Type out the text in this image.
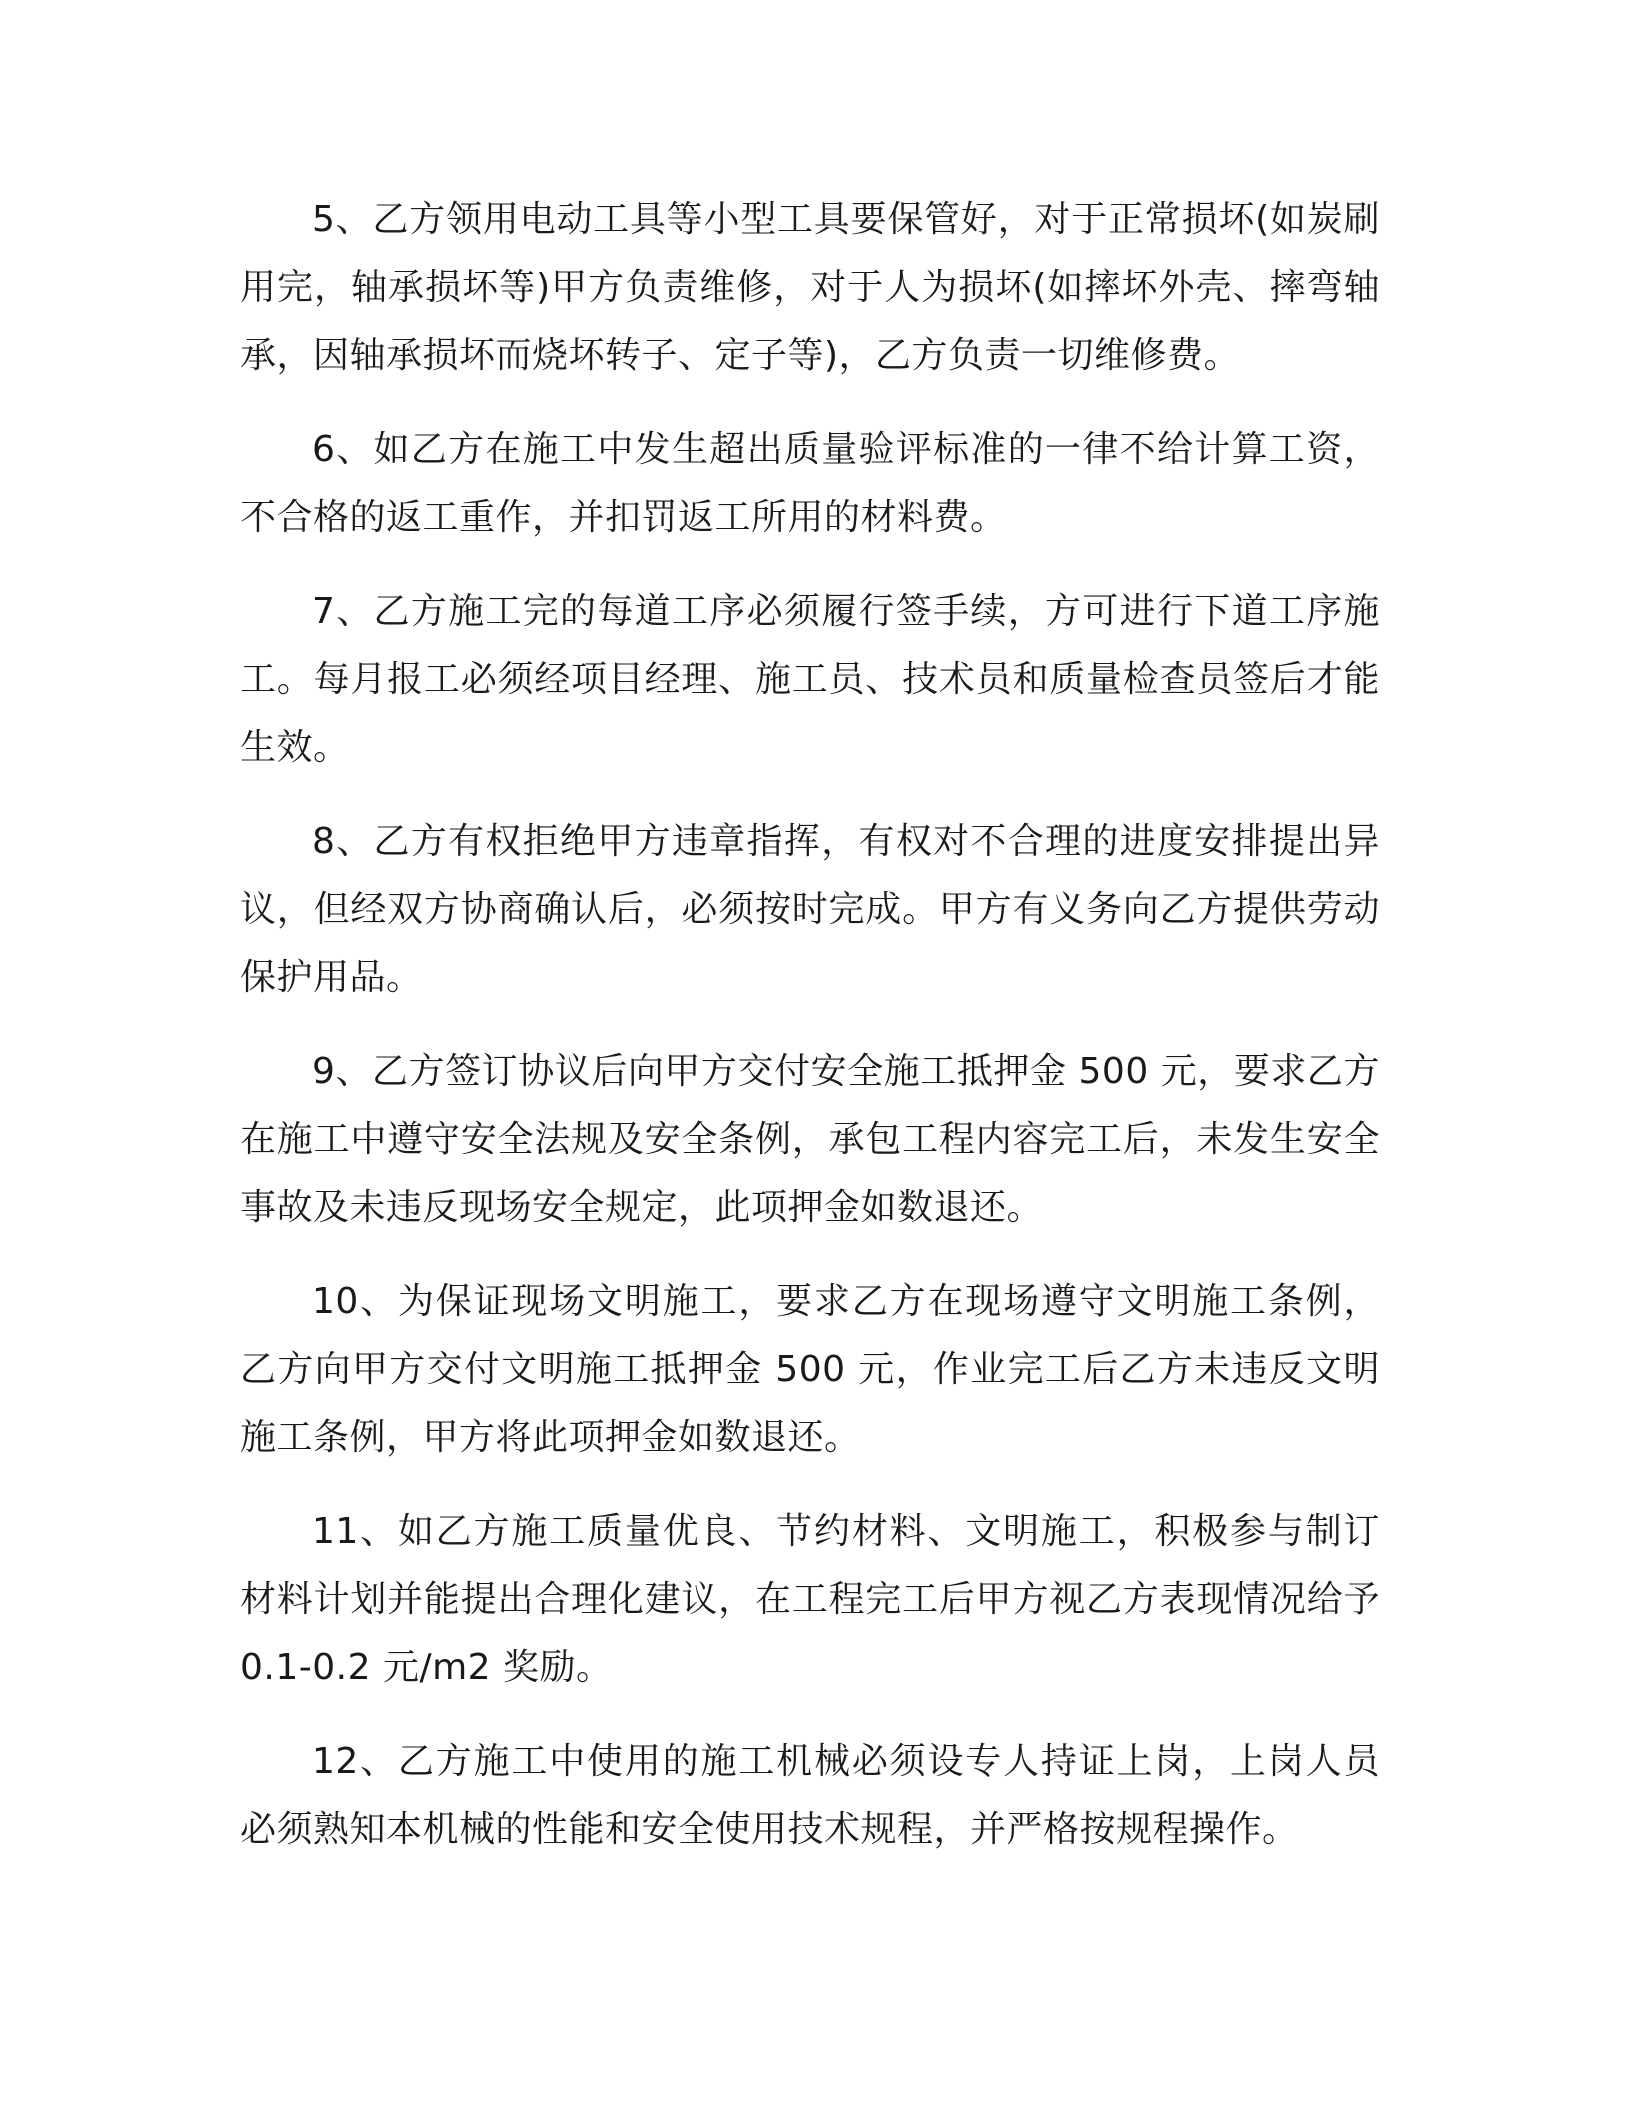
5、乙方领用电动工具等小型工具要保管好，对于正常损坏(如炭刷用完，轴承损坏等)甲方负责维修，对于人为损坏(如摔坏外壳、摔弯轴承，因轴承损坏而烧坏转子、定子等)，乙方负责一切维修费。

6、如乙方在施工中发生超出质量验评标准的一律不给计算工资，不合格的返工重作，并扣罚返工所用的材料费。

7、乙方施工完的每道工序必须履行签手续，方可进行下道工序施工。每月报工必须经项目经理、施工员、技术员和质量检查员签后才能生效。

8、乙方有权拒绝甲方违章指挥，有权对不合理的进度安排提出异议，但经双方协商确认后，必须按时完成。甲方有义务向乙方提供劳动保护用品。

9、乙方签订协议后向甲方交付安全施工抵押金 500 元，要求乙方在施工中遵守安全法规及安全条例，承包工程内容完工后，未发生安全事故及未违反现场安全规定，此项押金如数退还。

10、为保证现场文明施工，要求乙方在现场遵守文明施工条例，乙方向甲方交付文明施工抵押金 500 元，作业完工后乙方未违反文明施工条例，甲方将此项押金如数退还。

11、如乙方施工质量优良、节约材料、文明施工，积极参与制订材料计划并能提出合理化建议，在工程完工后甲方视乙方表现情况给予 0.1-0.2 元/m2 奖励。

12、乙方施工中使用的施工机械必须设专人持证上岗，上岗人员必须熟知本机械的性能和安全使用技术规程，并严格按规程操作。
